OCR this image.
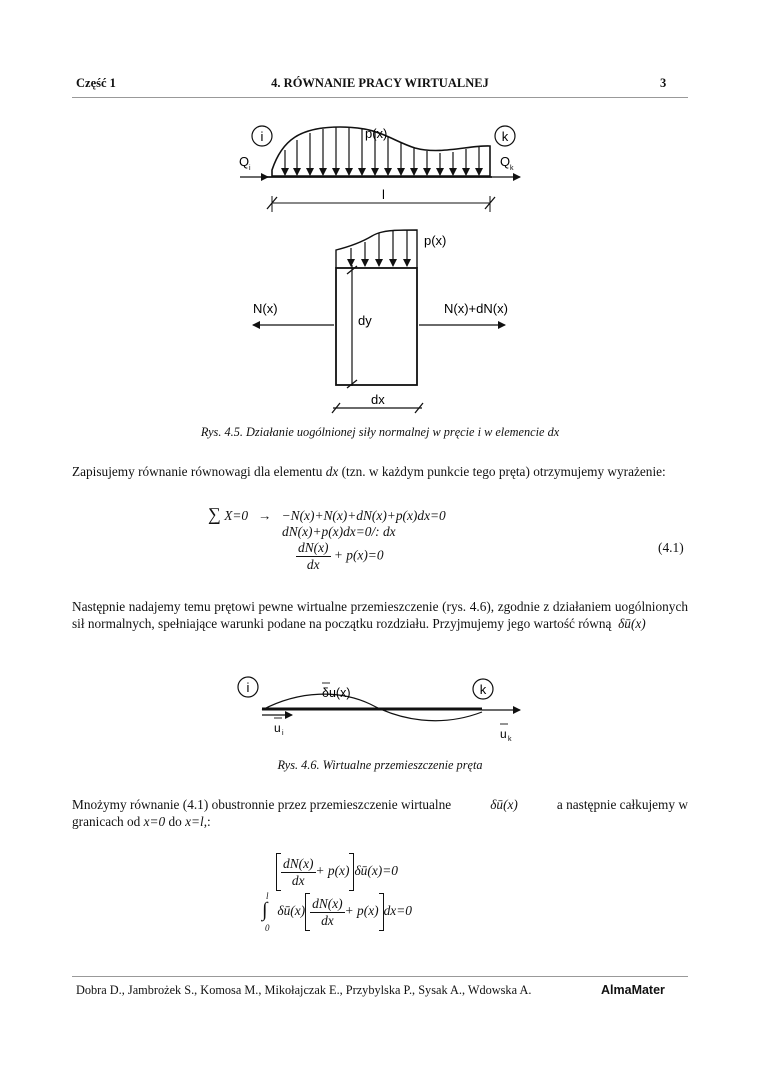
Część 1	4. RÓWNANIE PRACY WIRTUALNEJ	3
i	k
p(x)
Q i	Q k
l
p(x)
dy
N(x)	N(x)+dN(x)
dx
Rys. 4.5. Działanie uogólnionej siły normalnej w pręcie i w elemencie dx
Zapisujemy równanie równowagi dla elementu dx (tzn. w każdym punkcie tego pręta) otrzymujemy wyrażenie:
∑ X=0 → −N(x)+N(x)+dN(x)+p(x)dx=0
dN(x)+p(x)dx=0/: dx
$\frac{dN(x)}{dx} + p(x)=0$
(4.1)
Następnie nadajemy temu prętowi pewne wirtualne przemieszczenie (rys. 4.6), zgodnie z działaniem uogólnionych sił normalnych, spełniające warunki podane na początku rozdziału. Przyjmujemy jego wartość równą δū(x)
i	k
δu(x)
u i	u k
Rys. 4.6. Wirtualne przemieszczenie pręta
Mnożymy równanie (4.1) obustronnie przez przemieszczenie wirtualne	δū(x)	a następnie całkujemy w
granicach od x=0 do x=l,:
$\frac{dN(x)}{dx} + p(x)$ δū(x)=0
l
∫
0
δū(x) $\frac{dN(x)}{dx} + p(x)$ dx=0
Dobra D., Jambrożek S., Komosa M., Mikołajczak E., Przybylska P., Sysak A., Wdowska A.	AlmaMater
